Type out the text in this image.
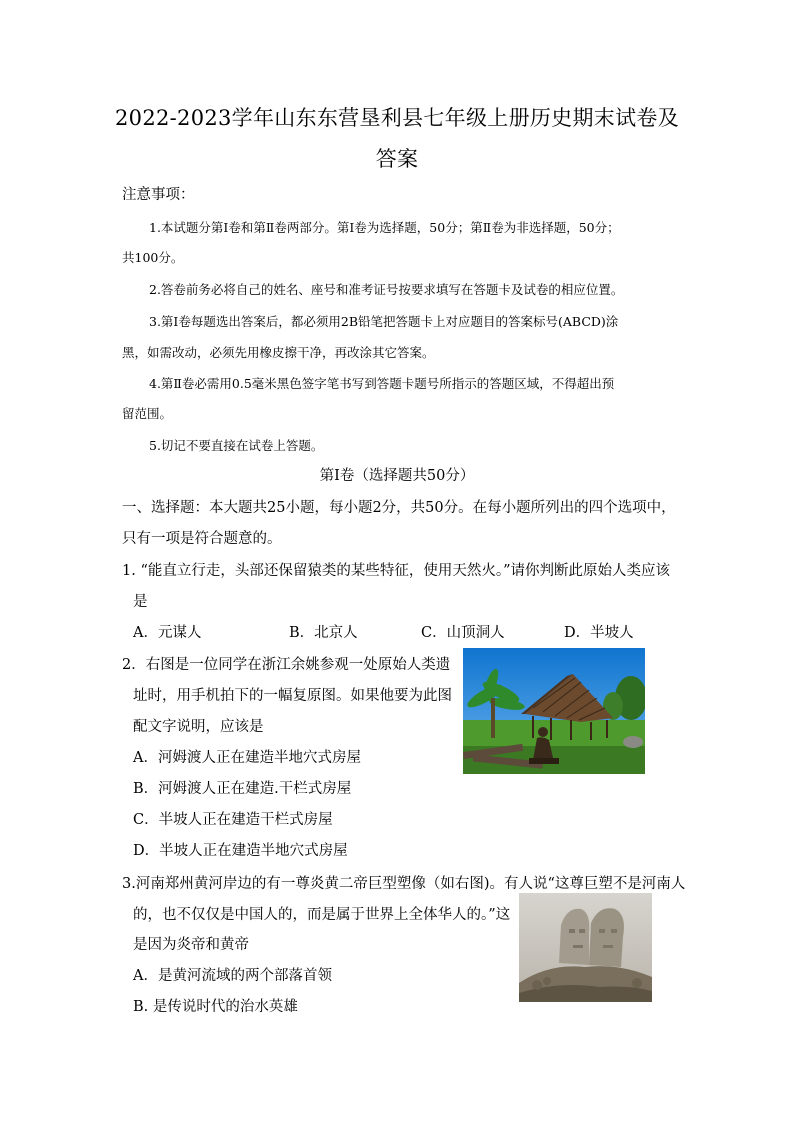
2022-2023学年山东东营垦利县七年级上册历史期末试卷及
答案
注意事项：
1.本试题分第Ⅰ卷和第Ⅱ卷两部分。第Ⅰ卷为选择题，50分；第Ⅱ卷为非选择题，50分；
共100分。
2.答卷前务必将自己的姓名、座号和准考证号按要求填写在答题卡及试卷的相应位置。
3.第Ⅰ卷每题选出答案后，都必须用2B铅笔把答题卡上对应题目的答案标号(ABCD)涂
黑，如需改动，必须先用橡皮擦干净，再改涂其它答案。
4.第Ⅱ卷必需用0.5毫米黑色签字笔书写到答题卡题号所指示的答题区域，不得超出预
留范围。
5.切记不要直接在试卷上答题。
第Ⅰ卷（选择题共50分）
一、选择题：本大题共25小题，每小题2分，共50分。在每小题所列出的四个选项中，
只有一项是符合题意的。
1. “能直立行走，头部还保留猿类的某些特征，使用天然火。”请你判断此原始人类应该
是
A．元谋人	B．北京人	C．山顶洞人	D．半坡人
2．右图是一位同学在浙江余姚参观一处原始人类遗
址时，用手机拍下的一幅复原图。如果他要为此图
配文字说明，应该是
A．河姆渡人正在建造半地穴式房屋
B．河姆渡人正在建造.干栏式房屋
C．半坡人正在建造干栏式房屋
D．半坡人正在建造半地穴式房屋
3.河南郑州黄河岸边的有一尊炎黄二帝巨型塑像（如右图)。有人说“这尊巨塑不是河南人
的，也不仅仅是中国人的，而是属于世界上全体华人的。”这
是因为炎帝和黄帝
A．是黄河流域的两个部落首领
B. 是传说时代的治水英雄
